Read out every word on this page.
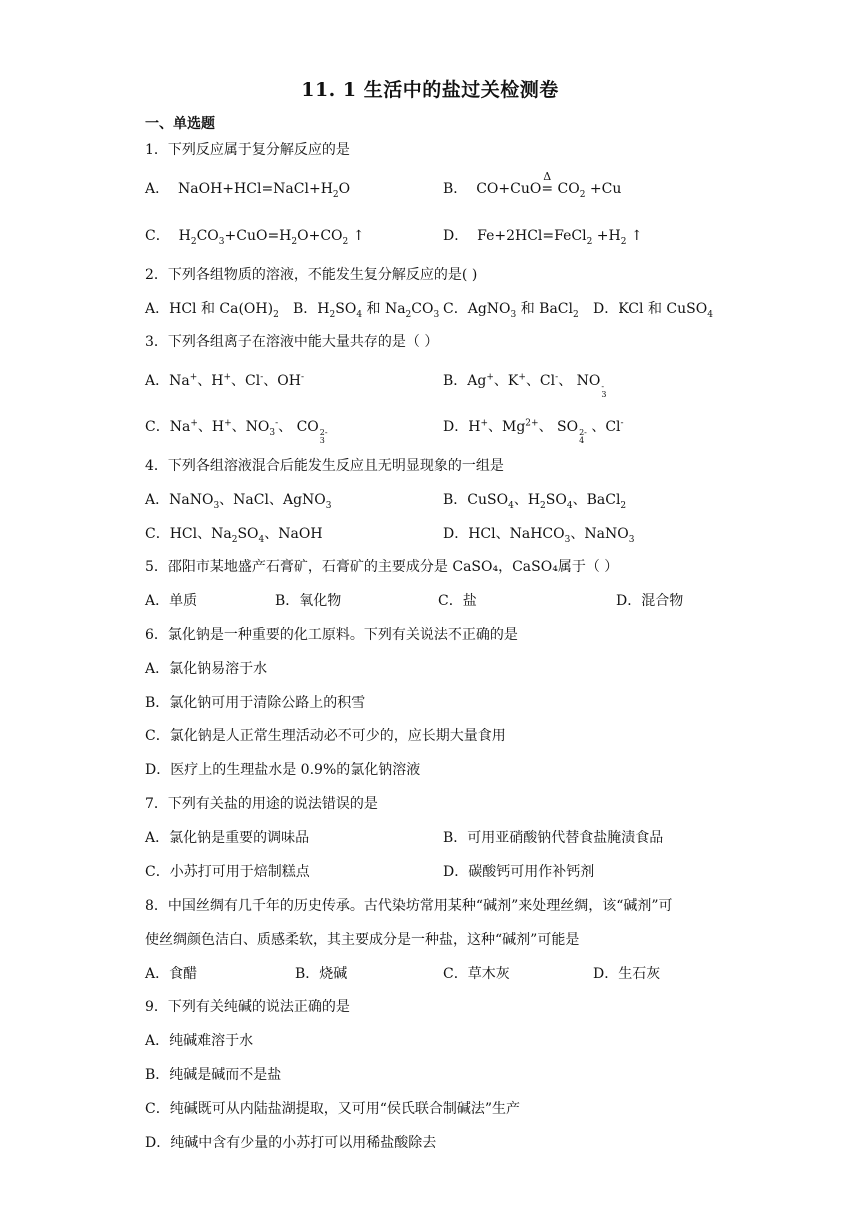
11. 1 生活中的盐过关检测卷
一、单选题
1．下列反应属于复分解反应的是
A．  $NaOH+HCl=NaCl+H_2O$	B．  CO+CuO
Δ
= $CO_2 +Cu$
C．  $H_2CO_3+CuO=H_2O+CO_2$ ↑	D．  Fe+2HCl=FeCl$_2$ $+H_2$ ↑
2．下列各组物质的溶液，不能发生复分解反应的是( )
A．HCl 和 $Ca(OH)_2$ B．$H_2SO_4$ 和 $Na_2CO_3$ C．AgNO$_3$ 和 BaCl$_2$ D．KCl 和 CuSO$_4$
3．下列各组离子在溶液中能大量共存的是（ ）
A．Na+、H+、Cl-、OH-	B．Ag+、K+、Cl-、 NO -
3
C．Na+、H+、$NO_3^-$、 CO 2-
3
D．H+、$Mg^{2+}$、 SO 2-
4
、Cl-
4．下列各组溶液混合后能发生反应且无明显现象的一组是
A．NaNO$_3$、NaCl、AgNO$_3$	B．CuSO$_4$、$H_2SO_4$、BaCl$_2$
C．HCl、$Na_2SO_4$、NaOH	D．HCl、NaHCO$_3$、NaNO$_3$
5．邵阳市某地盛产石膏矿，石膏矿的主要成分是 CaSO₄，CaSO₄属于（ ）
A．单质	B．氧化物	C．盐	D．混合物
6．氯化钠是一种重要的化工原料。下列有关说法不正确的是
A．氯化钠易溶于水
B．氯化钠可用于清除公路上的积雪
C．氯化钠是人正常生理活动必不可少的，应长期大量食用
D．医疗上的生理盐水是 0.9%的氯化钠溶液
7．下列有关盐的用途的说法错误的是
A．氯化钠是重要的调味品	B．可用亚硝酸钠代替食盐腌渍食品
C．小苏打可用于焙制糕点	D．碳酸钙可用作补钙剂
8．中国丝绸有几千年的历史传承。古代染坊常用某种“碱剂”来处理丝绸，该“碱剂”可
使丝绸颜色洁白、质感柔软，其主要成分是一种盐，这种“碱剂”可能是
A．食醋	B．烧碱	C．草木灰	D．生石灰
9．下列有关纯碱的说法正确的是
A．纯碱难溶于水
B．纯碱是碱而不是盐
C．纯碱既可从内陆盐湖提取，又可用“侯氏联合制碱法”生产
D．纯碱中含有少量的小苏打可以用稀盐酸除去
